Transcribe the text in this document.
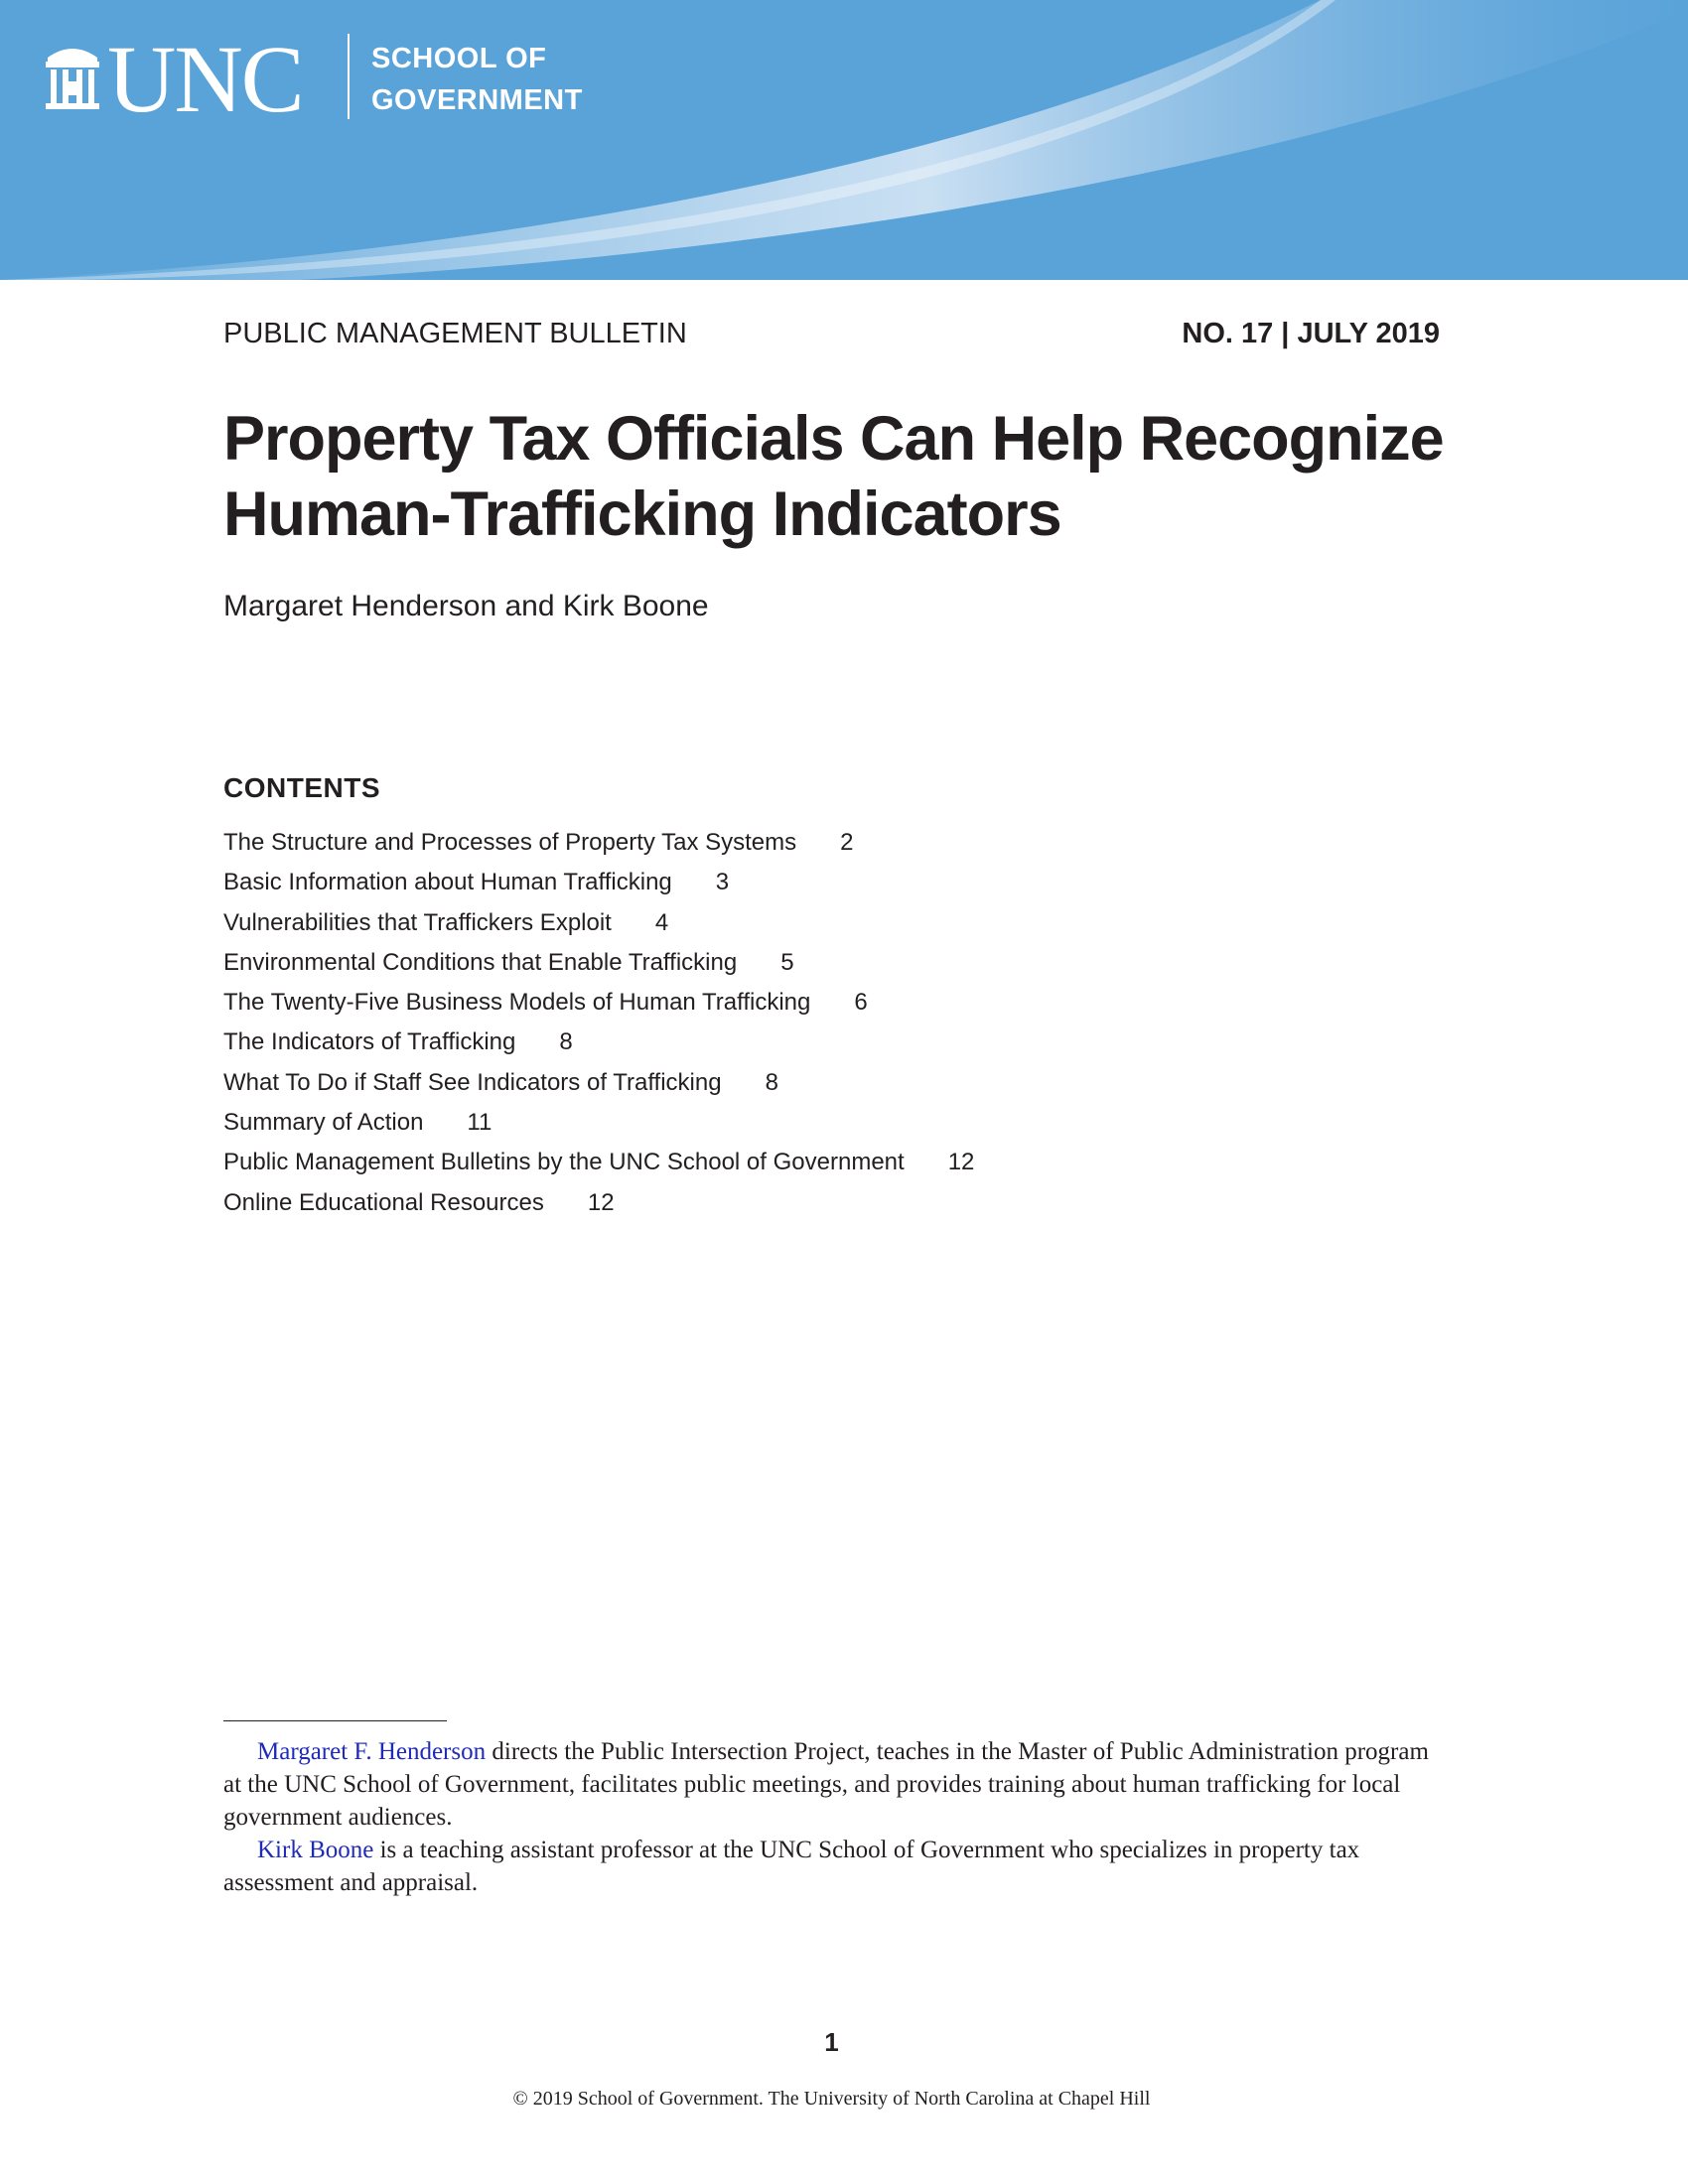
UNC SCHOOL OF GOVERNMENT
PUBLIC MANAGEMENT BULLETIN	NO. 17 | JULY 2019
Property Tax Officials Can Help Recognize Human-Trafficking Indicators
Margaret Henderson and Kirk Boone
CONTENTS
The Structure and Processes of Property Tax Systems 2
Basic Information about Human Trafficking 3
Vulnerabilities that Traffickers Exploit 4
Environmental Conditions that Enable Trafficking 5
The Twenty-Five Business Models of Human Trafficking 6
The Indicators of Trafficking 8
What To Do if Staff See Indicators of Trafficking 8
Summary of Action 11
Public Management Bulletins by the UNC School of Government 12
Online Educational Resources 12

Margaret F. Henderson directs the Public Intersection Project, teaches in the Master of Public Administration program at the UNC School of Government, facilitates public meetings, and provides training about human trafficking for local government audiences.

Kirk Boone is a teaching assistant professor at the UNC School of Government who specializes in property tax assessment and appraisal.

1
© 2019 School of Government. The University of North Carolina at Chapel Hill
